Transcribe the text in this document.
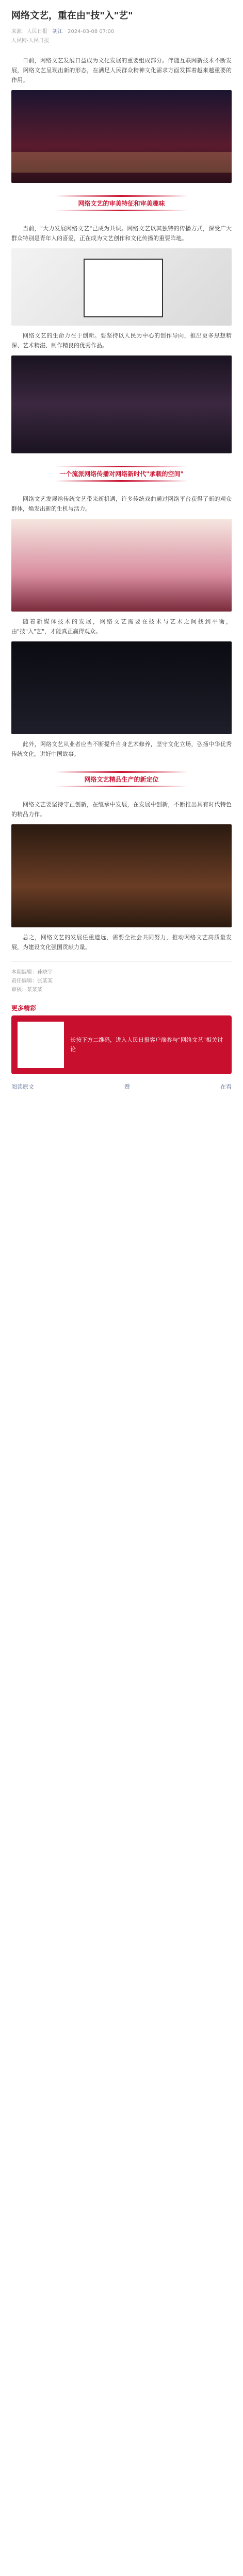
网络文艺，重在由"技"入"艺"
来源：人民日报 胡江 2024-03-08 07:00
人民网·人民日报

日前，网络文艺发展日益成为文化发展的重要组成部分。伴随互联网新技术不断发展，网络文艺呈现出新的形态，在满足人民群众精神文化需求方面发挥着越来越重要的作用。

网络文艺的审美特征和审美趣味

当前，"大力发展网络文艺"已成为共识。网络文艺以其独特的传播方式，深受广大群众特别是青年人的喜爱，正在成为文艺创作和文化传播的重要阵地。

网络文艺的生命力在于创新。要坚持以人民为中心的创作导向，推出更多思想精深、艺术精湛、制作精良的优秀作品。

一个流派网络传播对网络新时代"承载的空间"

网络文艺发展给传统文艺带来新机遇，许多传统戏曲通过网络平台获得了新的观众群体，焕发出新的生机与活力。

随着新媒体技术的发展，网络文艺需要在技术与艺术之间找到平衡，由"技"入"艺"，才能真正赢得观众。

此外，网络文艺从业者应当不断提升自身艺术修养，坚守文化立场，弘扬中华优秀传统文化，讲好中国故事。

网络文艺精品生产的新定位

网络文艺要坚持守正创新，在继承中发展，在发展中创新，不断推出具有时代特色的精品力作。

总之，网络文艺的发展任重道远，需要全社会共同努力，推动网络文艺高质量发展，为建设文化强国贡献力量。

本期编辑：孙晓宇
责任编辑：张某某
审核：某某某
更多精彩
长按下方二维码，进入人民日报客户端参与"网络文艺"相关讨论
阅读原文	赞	在看
